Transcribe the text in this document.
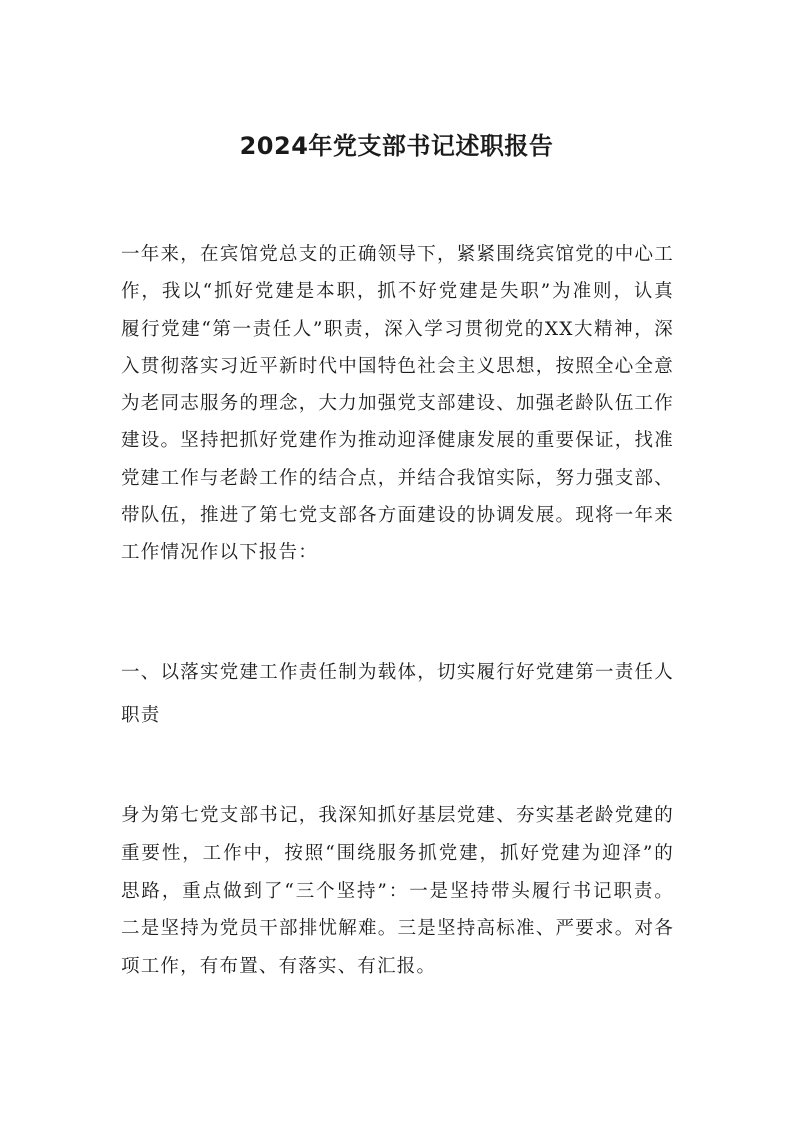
2024年党支部书记述职报告

一年来，在宾馆党总支的正确领导下，紧紧围绕宾馆党的中心工作，我以“抓好党建是本职，抓不好党建是失职”为准则，认真履行党建“第一责任人”职责，深入学习贯彻党的XX大精神，深入贯彻落实习近平新时代中国特色社会主义思想，按照全心全意为老同志服务的理念，大力加强党支部建设、加强老龄队伍工作建设。坚持把抓好党建作为推动迎泽健康发展的重要保证，找准党建工作与老龄工作的结合点，并结合我馆实际，努力强支部、带队伍，推进了第七党支部各方面建设的协调发展。现将一年来工作情况作以下报告：

一、以落实党建工作责任制为载体，切实履行好党建第一责任人职责

身为第七党支部书记，我深知抓好基层党建、夯实基老龄党建的重要性，工作中，按照“围绕服务抓党建，抓好党建为迎泽”的思路，重点做到了“三个坚持”：一是坚持带头履行书记职责。二是坚持为党员干部排忧解难。三是坚持高标准、严要求。对各项工作，有布置、有落实、有汇报。
